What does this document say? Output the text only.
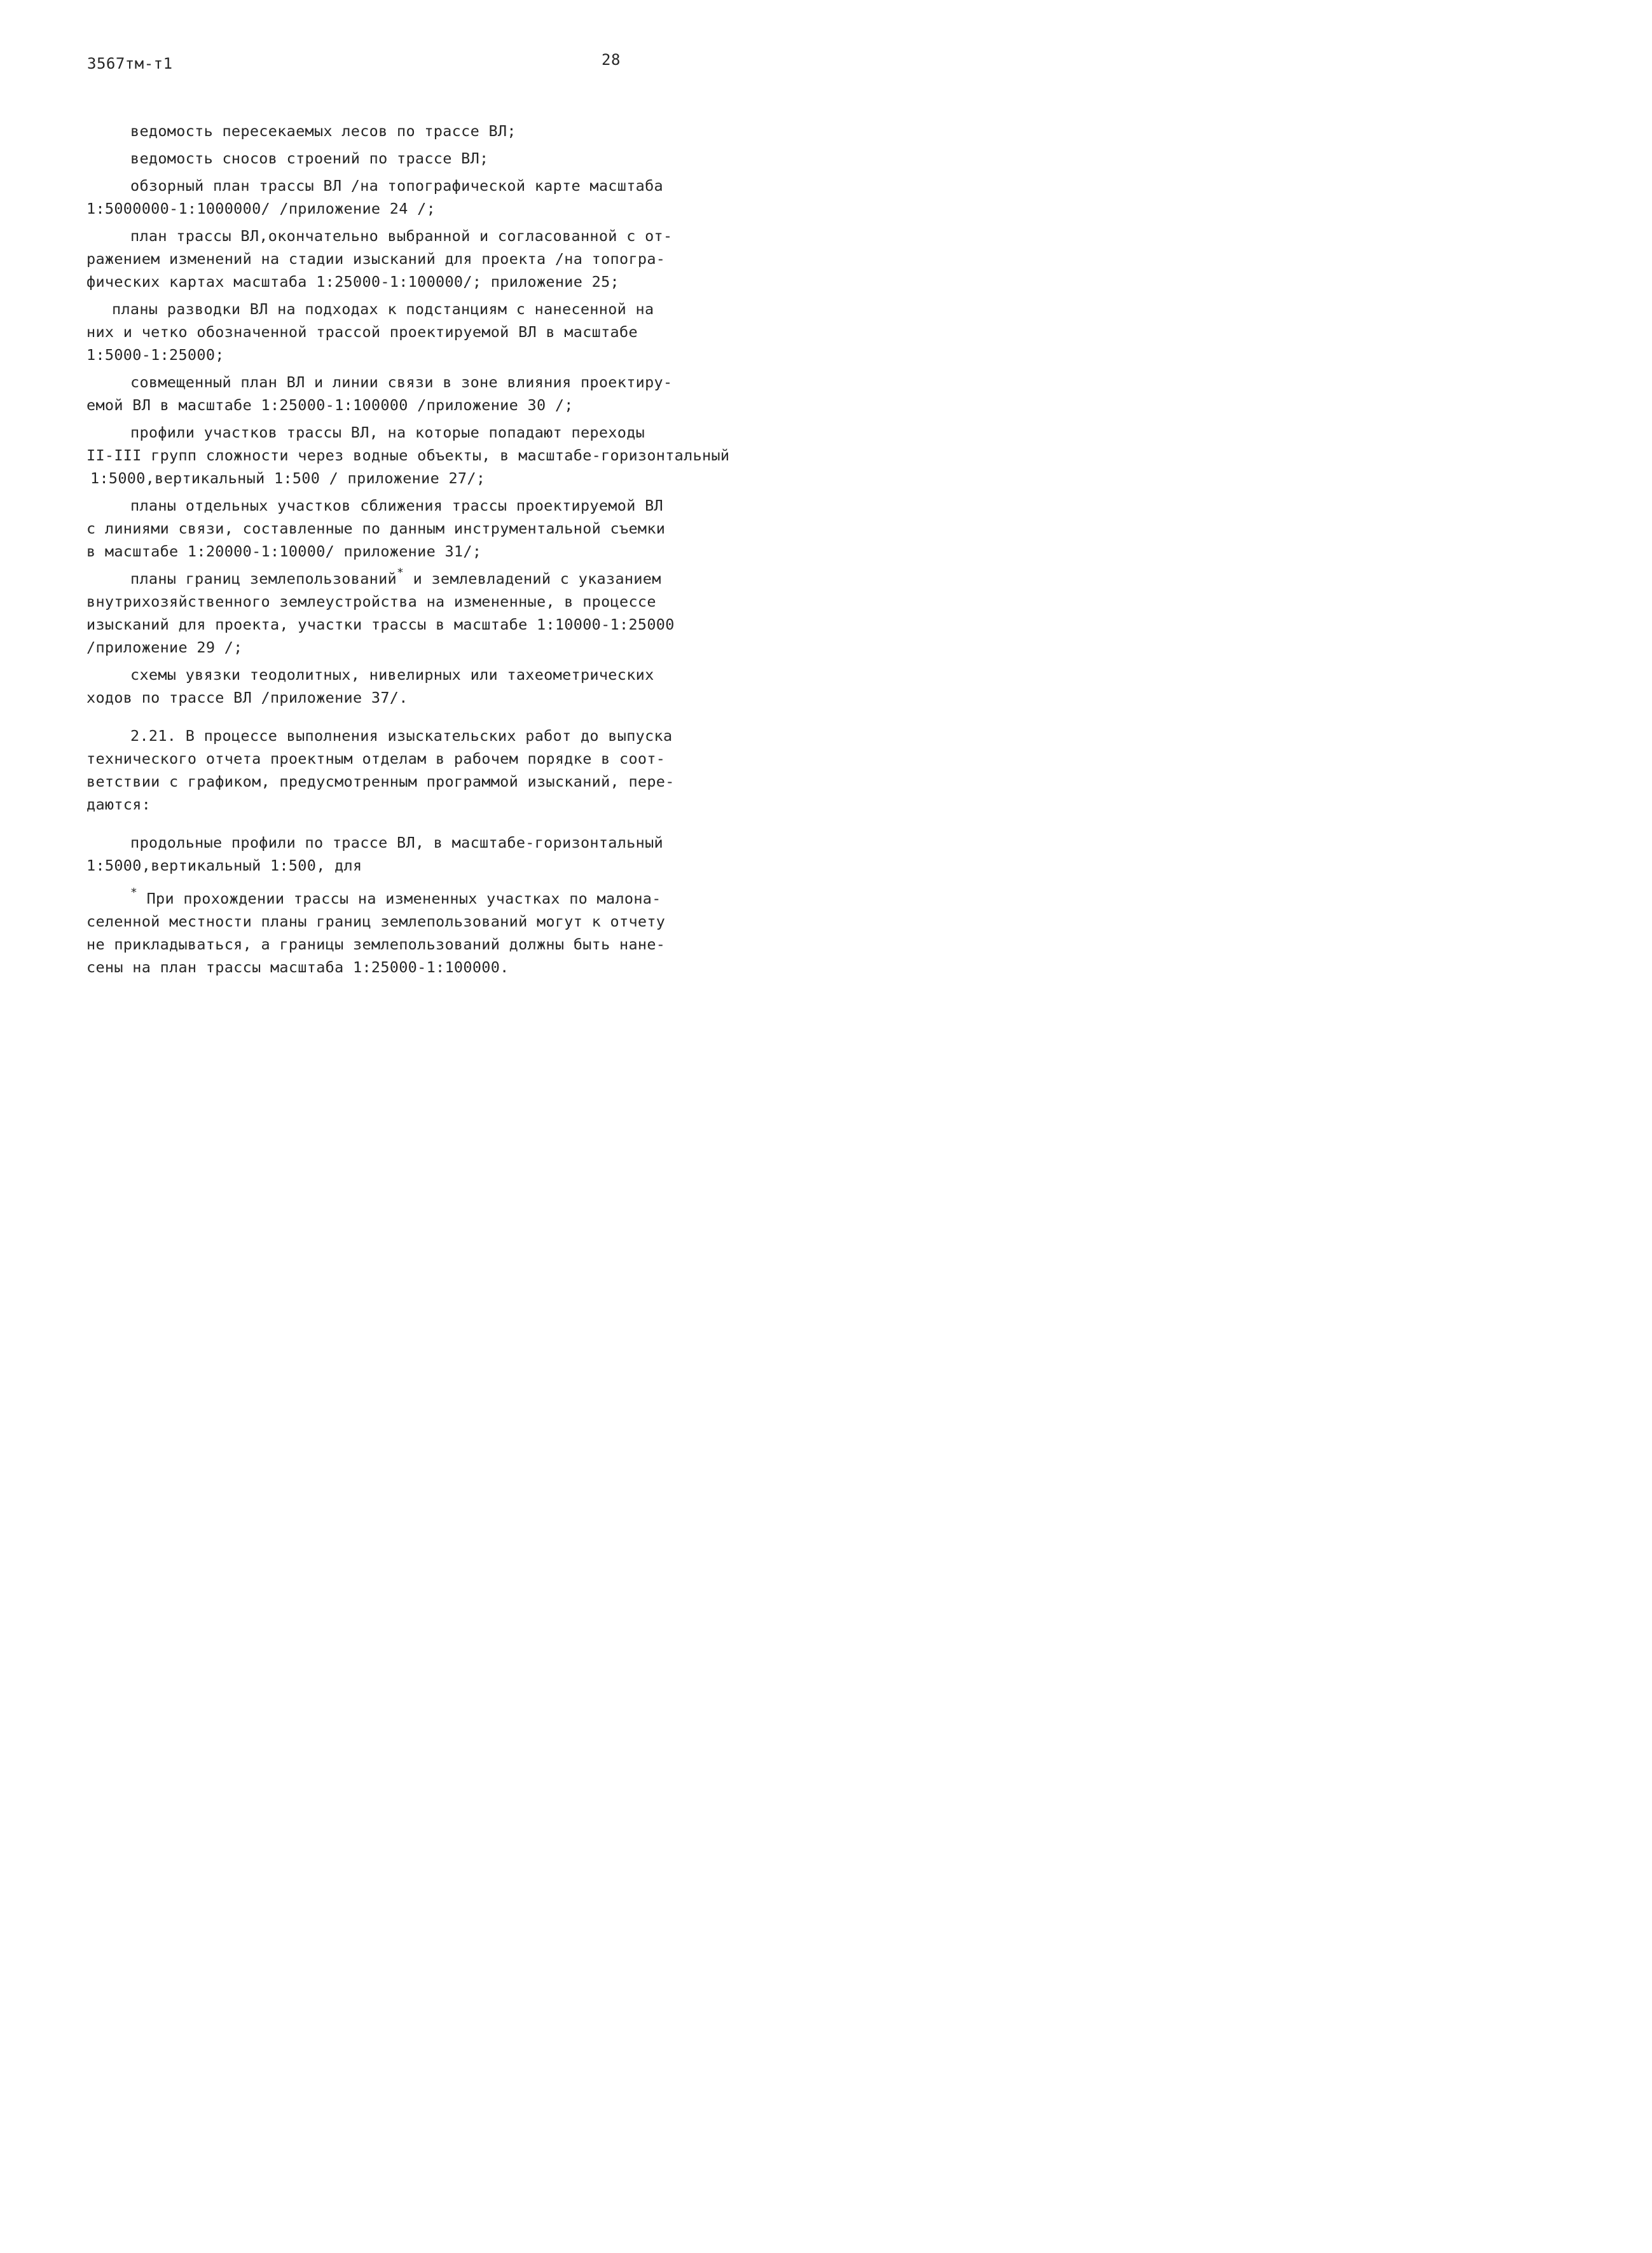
3567тм-т1	28
ведомость пересекаемых лесов по трассе ВЛ;
ведомость сносов строений по трассе ВЛ;
обзорный план трассы ВЛ /на топографической карте масштаба
1:5000000-1:1000000/ /приложение 24 /;
план трассы ВЛ,окончательно выбранной и согласованной с от-
ражением изменений на стадии изысканий для проекта /на топогра-
фических картах масштаба 1:25000-1:100000/; приложение 25;
планы разводки ВЛ на подходах к подстанциям с нанесенной на
них и четко обозначенной трассой проектируемой ВЛ в масштабе
1:5000-1:25000;
совмещенный план ВЛ и линии связи в зоне влияния проектиру-
емой ВЛ в масштабе 1:25000-1:100000 /приложение 30 /;
профили участков трассы ВЛ, на которые попадают переходы
II-III групп сложности через водные объекты, в масштабе-горизонтальный
1:5000,вертикальный 1:500 / приложение 27/;
планы отдельных участков сближения трассы проектируемой ВЛ
с линиями связи, составленные по данным инструментальной съемки
в масштабе 1:20000-1:10000/ приложение 31/;
планы границ землепользований* и землевладений с указанием
внутрихозяйственного землеустройства на измененные, в процессе
изысканий для проекта, участки трассы в масштабе 1:10000-1:25000
/приложение 29 /;
схемы увязки теодолитных, нивелирных или тахеометрических
ходов по трассе ВЛ /приложение 37/.
2.21. В процессе выполнения изыскательских работ до выпуска
технического отчета проектным отделам в рабочем порядке в соот-
ветствии с графиком, предусмотренным программой изысканий, пере-
даются:
продольные профили по трассе ВЛ, в масштабе-горизонтальный
1:5000,вертикальный 1:500, для
* При прохождении трассы на измененных участках по малона-
селенной местности планы границ землепользований могут к отчету
не прикладываться, а границы землепользований должны быть нане-
сены на план трассы масштаба 1:25000-1:100000.
